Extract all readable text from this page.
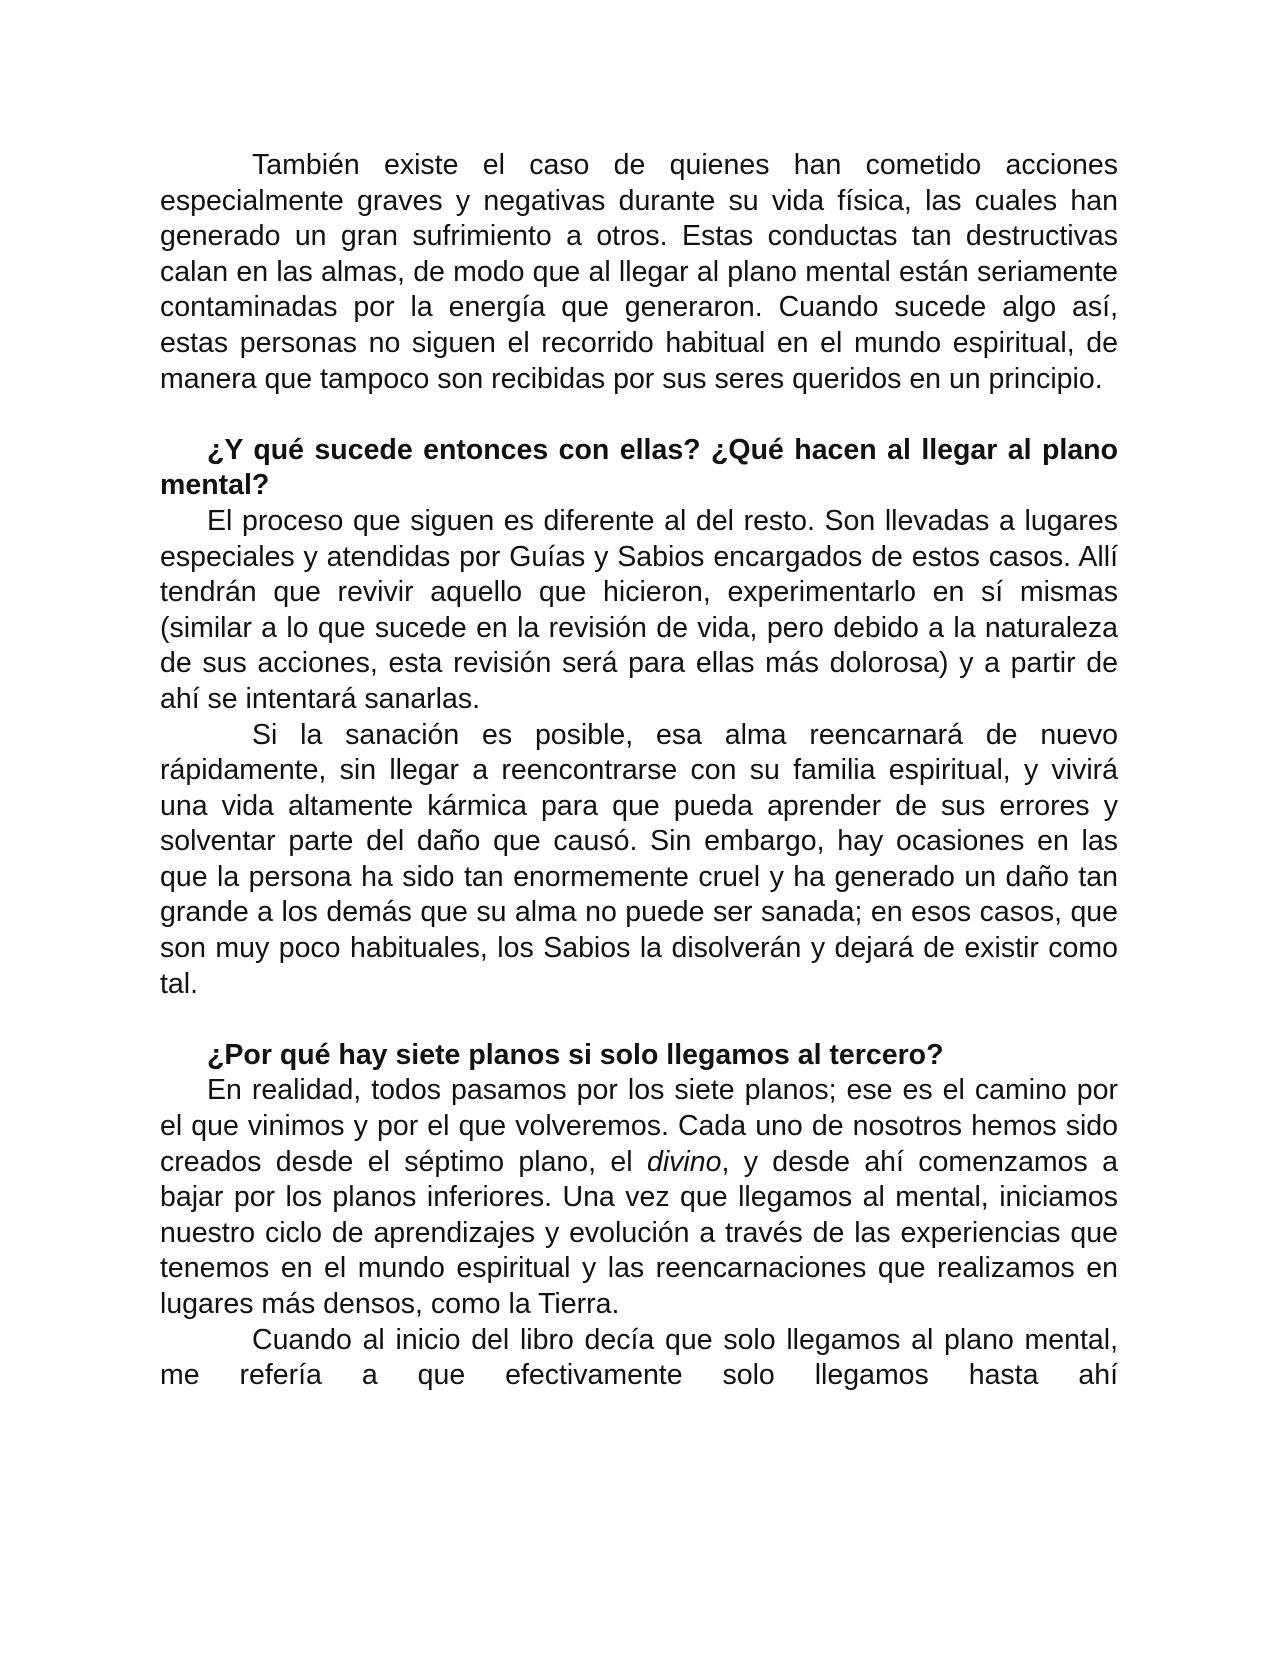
También existe el caso de quienes han cometido acciones especialmente graves y negativas durante su vida física, las cuales han generado un gran sufrimiento a otros. Estas conductas tan destructivas calan en las almas, de modo que al llegar al plano mental están seriamente contaminadas por la energía que generaron. Cuando sucede algo así, estas personas no siguen el recorrido habitual en el mundo espiritual, de manera que tampoco son recibidas por sus seres queridos en un principio.

¿Y qué sucede entonces con ellas? ¿Qué hacen al llegar al plano mental?

El proceso que siguen es diferente al del resto. Son llevadas a lugares especiales y atendidas por Guías y Sabios encargados de estos casos. Allí tendrán que revivir aquello que hicieron, experimentarlo en sí mismas (similar a lo que sucede en la revisión de vida, pero debido a la naturaleza de sus acciones, esta revisión será para ellas más dolorosa) y a partir de ahí se intentará sanarlas.

Si la sanación es posible, esa alma reencarnará de nuevo rápidamente, sin llegar a reencontrarse con su familia espiritual, y vivirá una vida altamente kármica para que pueda aprender de sus errores y solventar parte del daño que causó. Sin embargo, hay ocasiones en las que la persona ha sido tan enormemente cruel y ha generado un daño tan grande a los demás que su alma no puede ser sanada; en esos casos, que son muy poco habituales, los Sabios la disolverán y dejará de existir como tal.

¿Por qué hay siete planos si solo llegamos al tercero?

En realidad, todos pasamos por los siete planos; ese es el camino por el que vinimos y por el que volveremos. Cada uno de nosotros hemos sido creados desde el séptimo plano, el divino, y desde ahí comenzamos a bajar por los planos inferiores. Una vez que llegamos al mental, iniciamos nuestro ciclo de aprendizajes y evolución a través de las experiencias que tenemos en el mundo espiritual y las reencarnaciones que realizamos en lugares más densos, como la Tierra.

Cuando al inicio del libro decía que solo llegamos al plano mental, me refería a que efectivamente solo llegamos hasta ahí
